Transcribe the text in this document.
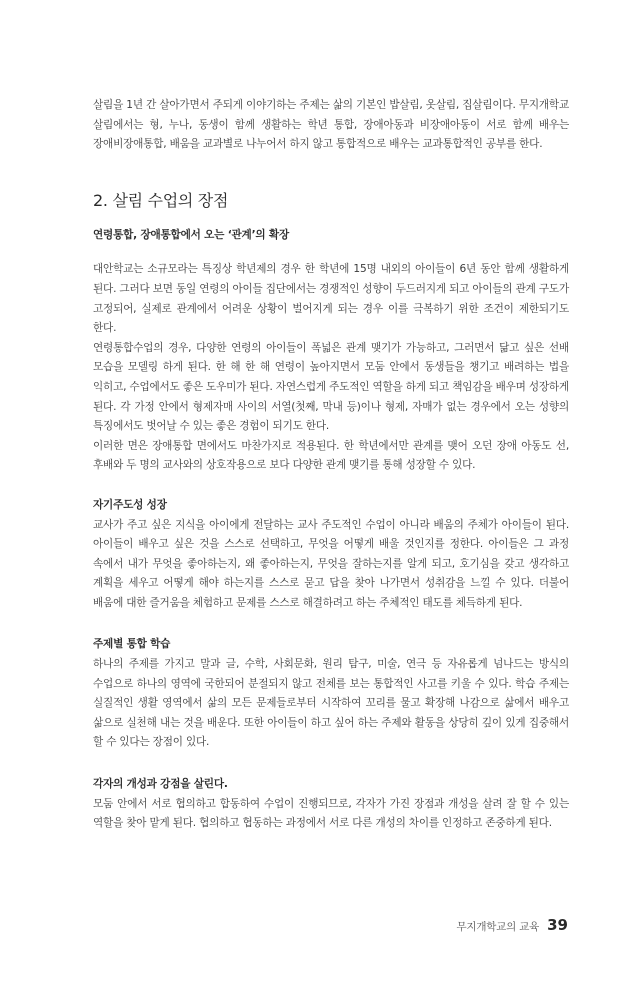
살림을 1년 간 살아가면서 주되게 이야기하는 주제는 삶의 기본인 밥살림, 옷살림, 집살림이다. 무지개학교 살림에서는 형, 누나, 동생이 함께 생활하는 학년 통합, 장애아동과 비장애아동이 서로 함께 배우는 장애비장애통합, 배움을 교과별로 나누어서 하지 않고 통합적으로 배우는 교과통합적인 공부를 한다.

2. 살림 수업의 장점
연령통합, 장애통합에서 오는 ‘관계’의 확장

대안학교는 소규모라는 특징상 학년제의 경우 한 학년에 15명 내외의 아이들이 6년 동안 함께 생활하게 된다. 그러다 보면 동일 연령의 아이들 집단에서는 경쟁적인 성향이 두드러지게 되고 아이들의 관계 구도가 고정되어, 실제로 관계에서 어려운 상황이 벌어지게 되는 경우 이를 극복하기 위한 조건이 제한되기도 한다.

연령통합수업의 경우, 다양한 연령의 아이들이 폭넓은 관계 맺기가 가능하고, 그러면서 닮고 싶은 선배 모습을 모델링 하게 된다. 한 해 한 해 연령이 높아지면서 모둠 안에서 동생들을 챙기고 배려하는 법을 익히고, 수업에서도 좋은 도우미가 된다. 자연스럽게 주도적인 역할을 하게 되고 책임감을 배우며 성장하게 된다. 각 가정 안에서 형제자매 사이의 서열(첫째, 막내 등)이나 형제, 자매가 없는 경우에서 오는 성향의 특징에서도 벗어날 수 있는 좋은 경험이 되기도 한다.

이러한 면은 장애통합 면에서도 마찬가지로 적용된다. 한 학년에서만 관계를 맺어 오던 장애 아동도 선, 후배와 두 명의 교사와의 상호작용으로 보다 다양한 관계 맺기를 통해 성장할 수 있다.

자기주도성 성장

교사가 주고 싶은 지식을 아이에게 전달하는 교사 주도적인 수업이 아니라 배움의 주체가 아이들이 된다. 아이들이 배우고 싶은 것을 스스로 선택하고, 무엇을 어떻게 배울 것인지를 정한다. 아이들은 그 과정 속에서 내가 무엇을 좋아하는지, 왜 좋아하는지, 무엇을 잘하는지를 알게 되고, 호기심을 갖고 생각하고 계획을 세우고 어떻게 해야 하는지를 스스로 묻고 답을 찾아 나가면서 성취감을 느낄 수 있다. 더불어 배움에 대한 즐거움을 체험하고 문제를 스스로 해결하려고 하는 주체적인 태도를 체득하게 된다.

주제별 통합 학습

하나의 주제를 가지고 말과 글, 수학, 사회문화, 원리 탐구, 미술, 연극 등 자유롭게 넘나드는 방식의 수업으로 하나의 영역에 국한되어 분절되지 않고 전체를 보는 통합적인 사고를 키울 수 있다. 학습 주제는 실질적인 생활 영역에서 삶의 모든 문제들로부터 시작하여 꼬리를 물고 확장해 나감으로 삶에서 배우고 삶으로 실천해 내는 것을 배운다. 또한 아이들이 하고 싶어 하는 주제와 활동을 상당히 깊이 있게 집중해서 할 수 있다는 장점이 있다.

각자의 개성과 강점을 살린다.

모둠 안에서 서로 협의하고 합동하여 수업이 진행되므로, 각자가 가진 장점과 개성을 살려 잘 할 수 있는 역할을 찾아 맡게 된다. 협의하고 협동하는 과정에서 서로 다른 개성의 차이를 인정하고 존중하게 된다.

무지개학교의 교육 39
